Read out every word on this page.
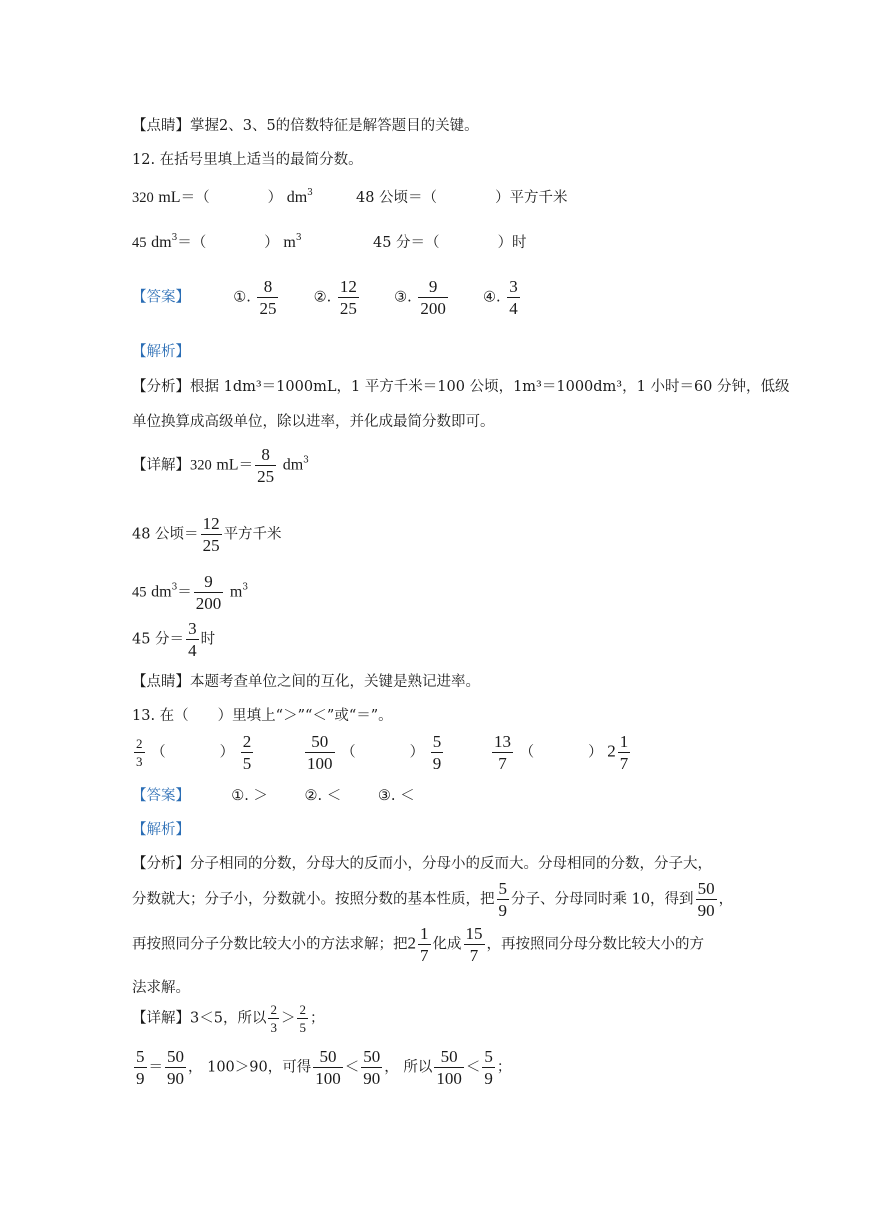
【点睛】掌握2、3、5的倍数特征是解答题目的关键。
12. 在括号里填上适当的最简分数。
320 mL＝（	） $dm^3$	48 公顷＝（	）平方千米
45 $dm^3=$（	） $m^3$	45 分＝（	）时
【答案】	①. $\frac{8}{25}$ ②. $\frac{12}{25}$ ③. $\frac{9}{200}$ ④. $\frac{3}{4}$
【解析】
【分析】根据 1dm³＝1000mL，1 平方千米＝100 公顷，1m³＝1000dm³，1 小时＝60 分钟，低级
单位换算成高级单位，除以进率，并化成最简分数即可。
【详解】320 $mL= \frac{8}{25} dm^3$
48 公顷＝ $\frac{12}{25}$ 平方千米
45 $dm^3= \frac{9}{200} m^3$
45 分＝ $\frac{3}{4}$ 时
【点睛】本题考查单位之间的互化，关键是熟记进率。
13. 在（　　）里填上“＞”“＜”或“＝”。
$\frac{2}{3}$ （	） $\frac{2}{5}$	$\frac{50}{100}$ （	） $\frac{5}{9}$	$\frac{13}{7}$ （	） $2 \frac{1}{7}$
【答案】	①. ＞	②. ＜	③. ＜
【解析】
【分析】分子相同的分数，分母大的反而小，分母小的反而大。分母相同的分数，分子大，
分数就大；分子小，分数就小。按照分数的基本性质，把 $\frac{5}{9}$ 分子、分母同时乘 10，得到 $\frac{50}{90}$ ，
再按照同分子分数比较大小的方法求解；把$2 \frac{1}{7}$ 化成 $\frac{15}{7}$ ，再按照同分母分数比较大小的方
法求解。
【详解】3＜5，所以 $\frac{2}{3} > \frac{2}{5}$ ；
$\frac{5}{9} = \frac{50}{90}$ ， 100＞90，可得 $\frac{50}{100} < \frac{50}{90}$ ， 所以 $\frac{50}{100} < \frac{5}{9}$ ；
